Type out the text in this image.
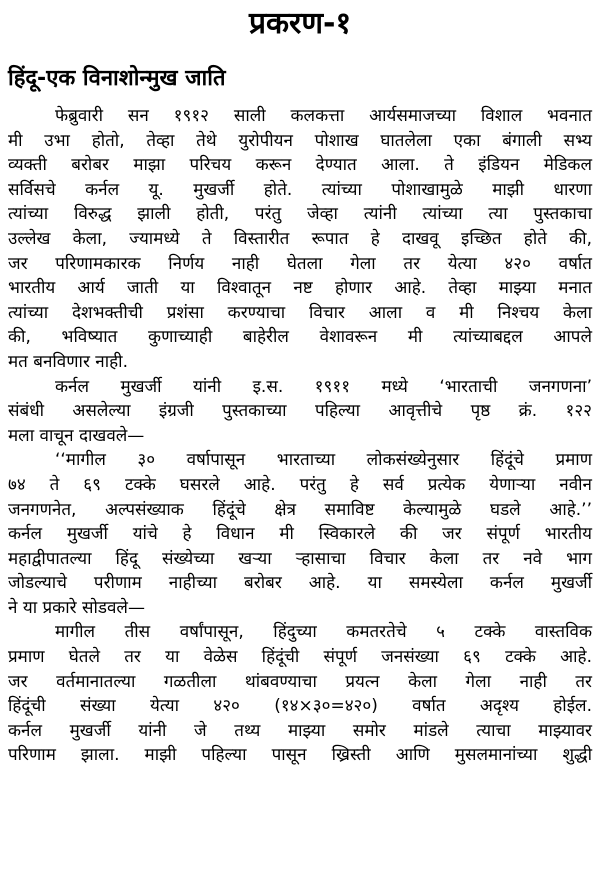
प्रकरण-१
हिंदू-एक विनाशोन्मुख जाति
फेब्रुवारी सन १९१२ साली कलकत्ता आर्यसमाजच्या विशाल भवनात
मी उभा होतो, तेव्हा तेथे युरोपीयन पोशाख घातलेला एका बंगाली सभ्य
व्यक्ती बरोबर माझा परिचय करून देण्यात आला. ते इंडियन मेडिकल
सर्विसचे कर्नल यू. मुखर्जी होते. त्यांच्या पोशाखामुळे माझी धारणा
त्यांच्या विरुद्ध झाली होती, परंतु जेव्हा त्यांनी त्यांच्या त्या पुस्तकाचा
उल्लेख केला, ज्यामध्ये ते विस्तारीत रूपात हे दाखवू इच्छित होते की,
जर परिणामकारक निर्णय नाही घेतला गेला तर येत्या ४२० वर्षात
भारतीय आर्य जाती या विश्वातून नष्ट होणार आहे. तेव्हा माझ्या मनात
त्यांच्या देशभक्तीची प्रशंसा करण्याचा विचार आला व मी निश्चय केला
की, भविष्यात कुणाच्याही बाहेरील वेशावरून मी त्यांच्याबद्दल आपले
मत बनविणार नाही.
कर्नल मुखर्जी यांनी इ.स. १९११ मध्ये ‘भारताची जनगणना’
संबंधी असलेल्या इंग्रजी पुस्तकाच्या पहिल्या आवृत्तीचे पृष्ठ क्रं. १२२
मला वाचून दाखवले—
‘‘मागील ३० वर्षापासून भारताच्या लोकसंख्येनुसार हिंदूंचे प्रमाण
७४ ते ६९ टक्के घसरले आहे. परंतु हे सर्व प्रत्येक येणाऱ्या नवीन
जनगणनेत, अल्पसंख्याक हिंदूंचे क्षेत्र समाविष्ट केल्यामुळे घडले आहे.’’
कर्नल मुखर्जी यांचे हे विधान मी स्विकारले की जर संपूर्ण भारतीय
महाद्वीपातल्या हिंदू संख्येच्या खऱ्या ऱ्हासाचा विचार केला तर नवे भाग
जोडल्याचे परीणाम नाहीच्या बरोबर आहे. या समस्येला कर्नल मुखर्जी
ने या प्रकारे सोडवले—
मागील तीस वर्षांपासून, हिंदुच्या कमतरतेचे ५ टक्के वास्तविक
प्रमाण घेतले तर या वेळेस हिंदूंची संपूर्ण जनसंख्या ६९ टक्के आहे.
जर वर्तमानातल्या गळतीला थांबवण्याचा प्रयत्न केला गेला नाही तर
हिंदूंची संख्या येत्या ४२० (१४×३०=४२०) वर्षात अदृश्य होईल.
कर्नल मुखर्जी यांनी जे तथ्य माझ्या समोर मांडले त्याचा माझ्यावर
परिणाम झाला. माझी पहिल्या पासून ख्रिस्ती आणि मुसलमानांच्या शुद्धी
